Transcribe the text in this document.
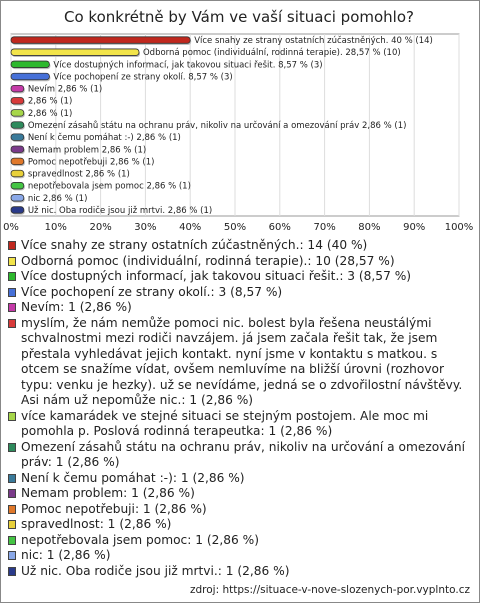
Co konkrétně by Vám ve vaší situaci pomohlo?
0%	10% 20% 30% 40% 50% 60% 70% 80% 90% 100%
Více snahy ze strany ostatních zúčastněných. 40 % (14)
Odborná pomoc (individuální, rodinná terapie). 28,57 % (10)
Více dostupných informací, jak takovou situaci řešit. 8,57 % (3)
Více pochopení ze strany okolí. 8,57 % (3)
Nevím 2,86 % (1)
2,86 % (1)
2,86 % (1)
Omezení zásahů státu na ochranu práv, nikoliv na určování a omezování práv 2,86 % (1)
Není k čemu pomáhat :-) 2,86 % (1)
Nemam problem 2,86 % (1)
Pomoc nepotřebuji 2,86 % (1)
spravedlnost 2,86 % (1)
nepotřebovala jsem pomoc 2,86 % (1)
nic 2,86 % (1)
Už nic. Oba rodiče jsou již mrtvi. 2,86 % (1)
Více snahy ze strany ostatních zúčastněných.: 14 (40 %)
Odborná pomoc (individuální, rodinná terapie).: 10 (28,57 %)
Více dostupných informací, jak takovou situaci řešit.: 3 (8,57 %)
Více pochopení ze strany okolí.: 3 (8,57 %)
Nevím: 1 (2,86 %)
myslím, že nám nemůže pomoci nic. bolest byla řešena neustálými schvalnostmi mezi rodiči navzájem. já jsem začala řešit tak, že jsem přestala vyhledávat jejich kontakt. nyní jsme v kontaktu s matkou. s otcem se snažíme vídat, ovšem nemluvíme na bližší úrovni (rozhovor typu: venku je hezky). už se nevídáme, jedná se o zdvořilostní návštěvy. Asi nám už nepomůže nic.: 1 (2,86 %)
více kamarádek ve stejné situaci se stejným postojem. Ale moc mi pomohla p. Poslová rodinná terapeutka: 1 (2,86 %)
Omezení zásahů státu na ochranu práv, nikoliv na určování a omezování práv: 1 (2,86 %)
Není k čemu pomáhat :-): 1 (2,86 %)
Nemam problem: 1 (2,86 %)
Pomoc nepotřebuji: 1 (2,86 %)
spravedlnost: 1 (2,86 %)
nepotřebovala jsem pomoc: 1 (2,86 %)
nic: 1 (2,86 %)
Už nic. Oba rodiče jsou již mrtvi.: 1 (2,86 %)
zdroj: https://situace-v-nove-slozenych-por.vyplnto.cz
